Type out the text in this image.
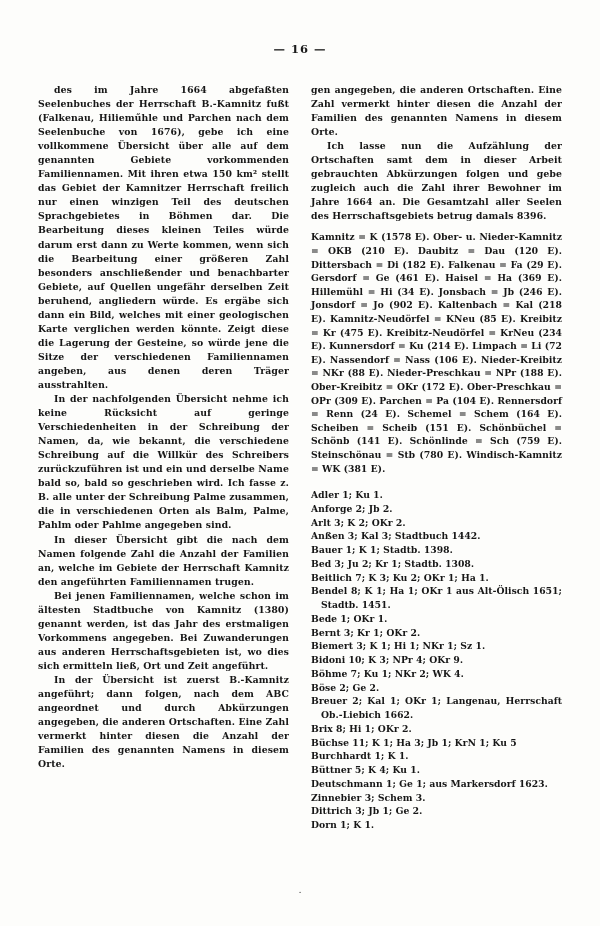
— 16 —

des im Jahre 1664 abgefaßten Seelenbuches der Herrschaft B.-Kamnitz fußt (Falkenau, Hilieműhle und Parchen nach dem Seelenbuche von 1676), gebe ich eine vollkommene Übersicht über alle auf dem genannten Gebiete vorkommenden Familiennamen. Mit ihren etwa 150 km² stellt das Gebiet der Kamnitzer Herrschaft freilich nur einen winzigen Teil des deutschen Sprachgebietes in Böhmen dar. Die Bearbeitung dieses kleinen Teiles würde darum erst dann zu Werte kommen, wenn sich die Bearbeitung einer größeren Zahl besonders anschließender und benachbarter Gebiete, auf Quellen ungefähr derselben Zeit beruhend, angliedern würde. Es ergäbe sich dann ein Bild, welches mit einer geologischen Karte verglichen werden könnte. Zeigt diese die Lagerung der Gesteine, so würde jene die Sitze der verschiedenen Familiennamen angeben, aus denen deren Träger ausstrahlten.

In der nachfolgenden Übersicht nehme ich keine Rücksicht auf geringe Verschiedenheiten in der Schreibung der Namen, da, wie bekannt, die verschiedene Schreibung auf die Willkür des Schreibers zurückzuführen ist und ein und derselbe Name bald so, bald so geschrieben wird. Ich fasse z. B. alle unter der Schreibung Palme zusammen, die in verschiedenen Orten als Balm, Palme, Pahlm oder Pahlme angegeben sind.

In dieser Übersicht gibt die nach dem Namen folgende Zahl die Anzahl der Familien an, welche im Gebiete der Herrschaft Kamnitz den angeführten Familiennamen trugen.

Bei jenen Familiennamen, welche schon im ältesten Stadtbuche von Kamnitz (1380) genannt werden, ist das Jahr des erstmaligen Vorkommens angegeben. Bei Zuwanderungen aus anderen Herrschaftsgebieten ist, wo dies sich ermitteln ließ, Ort und Zeit angeführt.

In der Übersicht ist zuerst B.-Kamnitz angeführt; dann folgen, nach dem ABC angeordnet und durch Abkürzungen angegeben, die anderen Ortschaften. Eine Zahl vermerkt hinter diesen die Anzahl der Familien des genannten Namens in diesem Orte.

gen angegeben, die anderen Ortschaften. Eine Zahl vermerkt hinter diesen die Anzahl der Familien des genannten Namens in diesem Orte.

Ich lasse nun die Aufzählung der Ortschaften samt dem in dieser Arbeit gebrauchten Abkürzungen folgen und gebe zugleich auch die Zahl ihrer Bewohner im Jahre 1664 an. Die Gesamtzahl aller Seelen des Herrschaftsgebiets betrug damals 8396.

Kamnitz = K (1578 E). Ober- u. Nieder-Kamnitz = OKB (210 E). Daubitz = Dau (120 E). Dittersbach = Di (182 E). Falkenau = Fa (29 E). Gersdorf = Ge (461 E). Haisel = Ha (369 E). Hillemühl = Hi (34 E). Jonsbach = Jb (246 E). Jonsdorf = Jo (902 E). Kaltenbach = Kal (218 E). Kamnitz-Neudörfel = KNeu (85 E). Kreibitz = Kr (475 E). Kreibitz-Neudörfel = KrNeu (234 E). Kunnersdorf = Ku (214 E). Limpach = Li (72 E). Nassendorf = Nass (106 E). Nieder-Kreibitz = NKr (88 E). Nieder-Preschkau = NPr (188 E). Ober-Kreibitz = OKr (172 E). Ober-Preschkau = OPr (309 E). Parchen = Pa (104 E). Rennersdorf = Renn (24 E). Schemel = Schem (164 E). Scheiben = Scheib (151 E). Schönbüchel = Schönb (141 E). Schönlinde = Sch (759 E). Steinschönau = Stb (780 E). Windisch-Kamnitz = WK (381 E).

Adler 1; Ku 1.
Anforge 2; Jb 2.
Arlt 3; K 2; OKr 2.
Anßen 3; Kal 3; Stadtbuch 1442.
Bauer 1; K 1; Stadtb. 1398.
Bed 3; Ju 2; Kr 1; Stadtb. 1308.
Beitlich 7; K 3; Ku 2; OKr 1; Ha 1.
Bendel 8; K 1; Ha 1; OKr 1 aus Alt-Ölisch 1651; Stadtb. 1451.
Bede 1; OKr 1.
Bernt 3; Kr 1; OKr 2.
Biemert 3; K 1; Hi 1; NKr 1; Sz 1.
Bidoni 10; K 3; NPr 4; OKr 9.
Böhme 7; Ku 1; NKr 2; WK 4.
Böse 2; Ge 2.
Breuer 2; Kal 1; OKr 1; Langenau, Herrschaft Ob.-Liebich 1662.
Brix 8; Hi 1; OKr 2.
Büchse 11; K 1; Ha 3; Jb 1; KrN 1; Ku 5
Burchhardt 1; K 1.
Büttner 5; K 4; Ku 1.
Deutschmann 1; Ge 1; aus Markersdorf 1623.
Zinnebier 3; Schem 3.
Dittrich 3; Jb 1; Ge 2.
Dorn 1; K 1.
.
